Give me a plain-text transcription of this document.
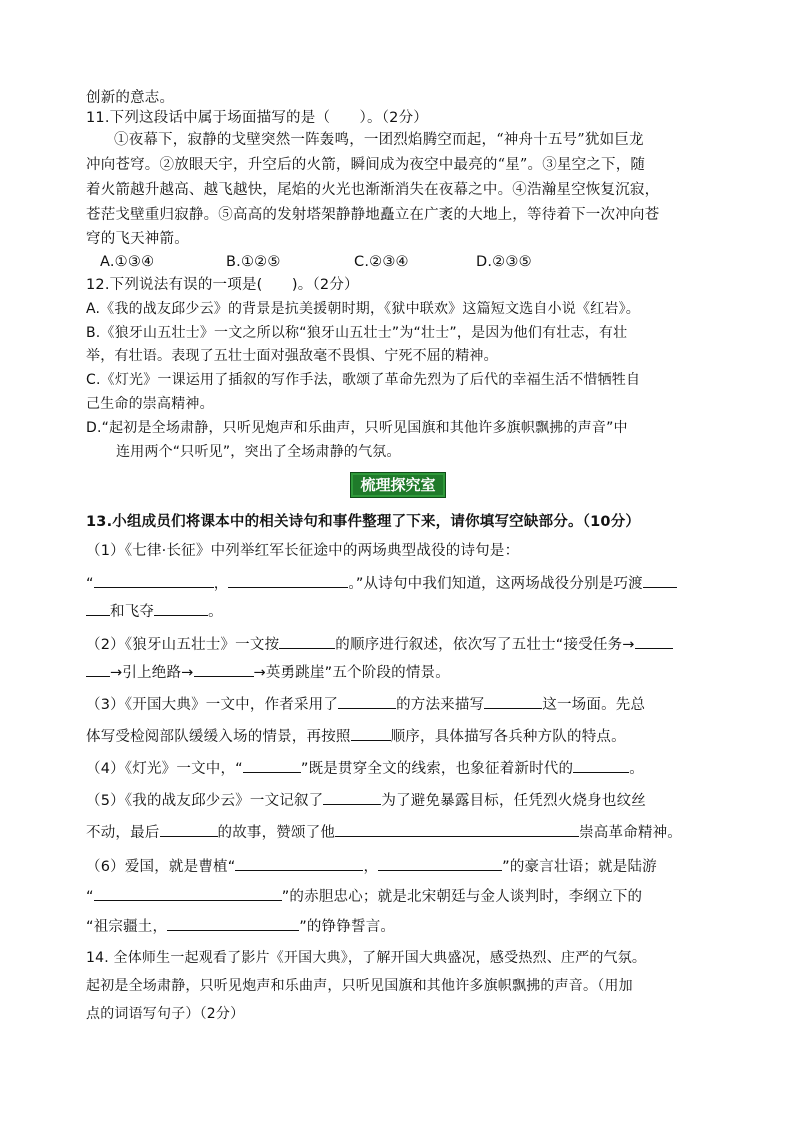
创新的意志。
11.下列这段话中属于场面描写的是（　　）。（2分）
①夜幕下，寂静的戈壁突然一阵轰鸣，一团烈焰腾空而起，“神舟十五号”犹如巨龙
冲向苍穹。②放眼天宇，升空后的火箭，瞬间成为夜空中最亮的“星”。③星空之下，随
着火箭越升越高、越飞越快，尾焰的火光也渐渐消失在夜幕之中。④浩瀚星空恢复沉寂，
苍茫戈壁重归寂静。⑤高高的发射塔架静静地矗立在广袤的大地上，等待着下一次冲向苍
穹的飞天神箭。
A.①③④	B.①②⑤	C.②③④	D.②③⑤
12.下列说法有误的一项是(　　)。（2分）
A.《我的战友邱少云》的背景是抗美援朝时期，《狱中联欢》这篇短文选自小说《红岩》。
B.《狼牙山五壮士》一文之所以称“狼牙山五壮士”为“壮士”，是因为他们有壮志，有壮
举，有壮语。表现了五壮士面对强敌毫不畏惧、宁死不屈的精神。
C.《灯光》一课运用了插叙的写作手法，歌颂了革命先烈为了后代的幸福生活不惜牺牲自
己生命的崇高精神。
D.“起初是全场肃静，只听见炮声和乐曲声，只听见国旗和其他许多旗帜飘拂的声音”中
连用两个“只听见”，突出了全场肃静的气氛。
梳理探究室
13.小组成员们将课本中的相关诗句和事件整理了下来，请你填写空缺部分。（10分）
（1）《七律·长征》中列举红军长征途中的两场典型战役的诗句是：
“	，	。”从诗句中我们知道，这两场战役分别是巧渡
和飞夺	。
（2）《狼牙山五壮士》一文按	的顺序进行叙述，依次写了五壮士“接受任务→
→引上绝路→	→英勇跳崖”五个阶段的情景。
（3）《开国大典》一文中，作者采用了	的方法来描写	这一场面。先总
体写受检阅部队缓缓入场的情景，再按照	顺序，具体描写各兵种方队的特点。
（4）《灯光》一文中，“	”既是贯穿全文的线索，也象征着新时代的	。
（5）《我的战友邱少云》一文记叙了	为了避免暴露目标，任凭烈火烧身也纹丝
不动，最后	的故事，赞颂了他	崇高革命精神。
（6）爱国，就是曹植“	，	”的豪言壮语；就是陆游
“	”的赤胆忠心；就是北宋朝廷与金人谈判时，李纲立下的
“祖宗疆土，	”的铮铮誓言。
14. 全体师生一起观看了影片《开国大典》，了解开国大典盛况，感受热烈、庄严的气氛。
起初是全场肃静，只听见炮声和乐曲声，只听见国旗和其他许多旗帜飘拂的声音。（用加
点的词语写句子）（2分）
